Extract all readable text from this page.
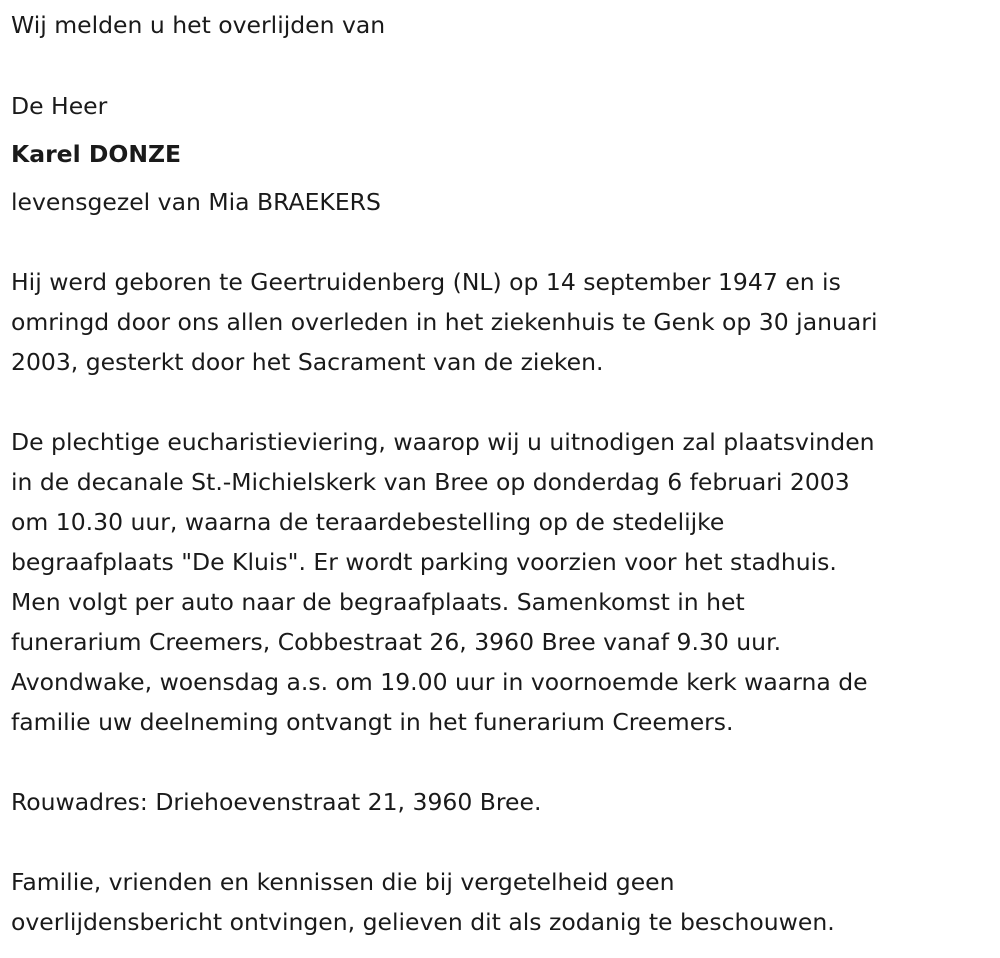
Wij melden u het overlijden van
De Heer
Karel DONZE
levensgezel van Mia BRAEKERS
Hij werd geboren te Geertruidenberg (NL) op 14 september 1947 en is
omringd door ons allen overleden in het ziekenhuis te Genk op 30 januari
2003, gesterkt door het Sacrament van de zieken.
De plechtige eucharistieviering, waarop wij u uitnodigen zal plaatsvinden
in de decanale St.-Michielskerk van Bree op donderdag 6 februari 2003
om 10.30 uur, waarna de teraardebestelling op de stedelijke
begraafplaats "De Kluis". Er wordt parking voorzien voor het stadhuis.
Men volgt per auto naar de begraafplaats. Samenkomst in het
funerarium Creemers, Cobbestraat 26, 3960 Bree vanaf 9.30 uur.
Avondwake, woensdag a.s. om 19.00 uur in voornoemde kerk waarna de
familie uw deelneming ontvangt in het funerarium Creemers.
Rouwadres: Driehoevenstraat 21, 3960 Bree.
Familie, vrienden en kennissen die bij vergetelheid geen
overlijdensbericht ontvingen, gelieven dit als zodanig te beschouwen.
